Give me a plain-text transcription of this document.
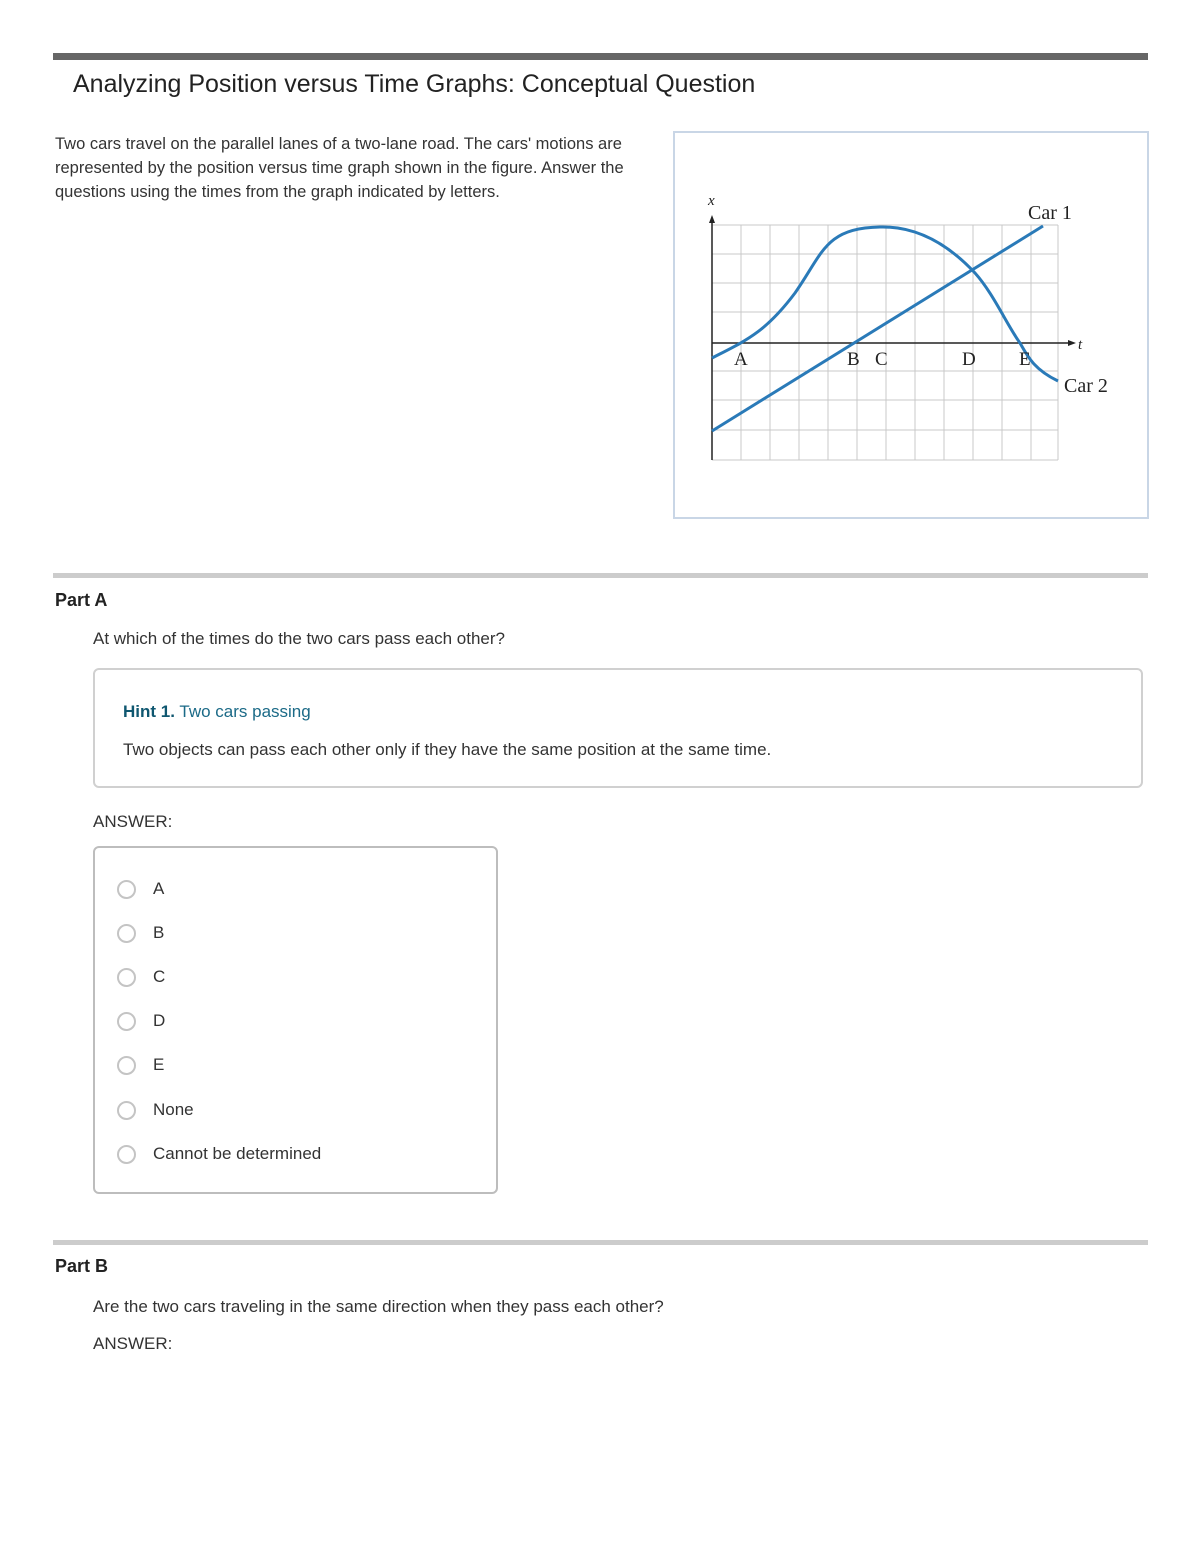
Analyzing Position versus Time Graphs: Conceptual Question

Two cars travel on the parallel lanes of a two-lane road. The cars' motions are represented by the position versus time graph shown in the figure. Answer the questions using the times from the graph indicated by letters.	x
t
Car 1
Car 2
A	B C	D E
Part A

At which of the times do the two cars pass each other?

Hint 1. Two cars passing
Two objects can pass each other only if they have the same position at the same time.

ANSWER:

A
B
C
D
E
None
Cannot be determined
Part B

Are the two cars traveling in the same direction when they pass each other?

ANSWER:
